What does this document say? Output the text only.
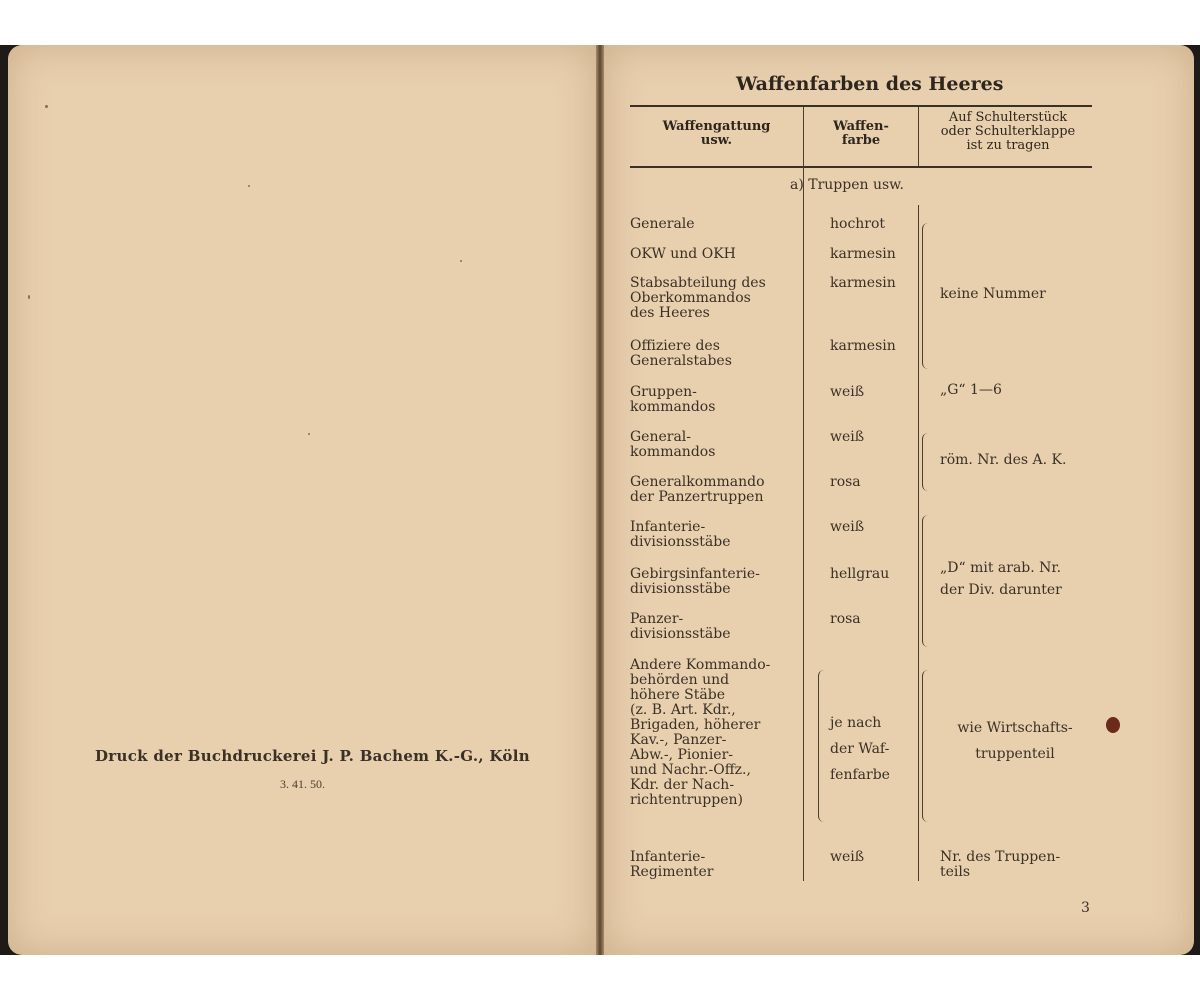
Druck der Buchdruckerei J. P. Bachem K.-G., Köln
3. 41. 50.
Waffenfarben des Heeres
Waffengattung
usw.
Waffen-
farbe
Auf Schulterstück
oder Schulterklappe
ist zu tragen
a) Truppen usw.
Generale
OKW und OKH
Stabsabteilung des
Oberkommandos
des Heeres
Offiziere des
Generalstabes
Gruppen-
kommandos
General-
kommandos
Generalkommando
der Panzertruppen
Infanterie-
divisionsstäbe
Gebirgsinfanterie-
divisionsstäbe
Panzer-
divisionsstäbe
Andere Kommando-
behörden und
höhere Stäbe
(z. B. Art. Kdr.,
Brigaden, höherer
Kav.-, Panzer-
Abw.-, Pionier-
und Nachr.-Offz.,
Kdr. der Nach-
richtentruppen)
Infanterie-
Regimenter
hochrot
karmesin
karmesin
karmesin
weiß
weiß
rosa
weiß
hellgrau
rosa
je nach
der Waf-
fenfarbe
weiß
keine Nummer
„G“ 1—6
röm. Nr. des A. K.
„D“ mit arab. Nr.
der Div. darunter
wie Wirtschafts-
truppenteil
Nr. des Truppen-
teils
3
